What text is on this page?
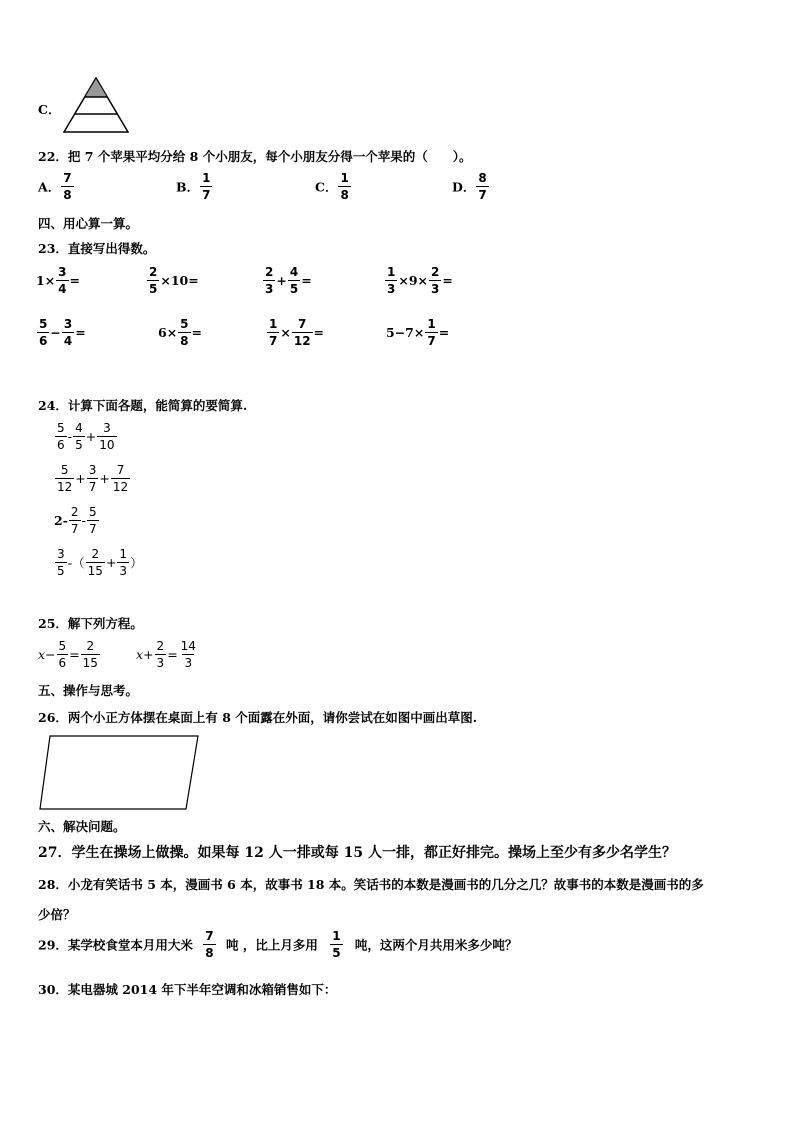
C．
22．把 7 个苹果平均分给 8 个小朋友，每个小朋友分得一个苹果的（　　）。
A． $\frac{7}{8}$	B． $\frac{1}{7}$	C． $\frac{1}{8}$	D． $\frac{8}{7}$
四、用心算一算。
23．直接写出得数。
$1\times \frac{3}{4}$ =	$\frac{2}{5} \times 10=$	$\frac{2}{3} + \frac{4}{5}$ =	$\frac{1}{3} \times 9\times \frac{2}{3}$ =
$\frac{5}{6} - \frac{3}{4}$ =	$6\times \frac{5}{8}$ =	$\frac{1}{7} \times \frac{7}{12}$ =	$5-7\times \frac{1}{7}$ =
24．计算下面各题，能简算的要简算.
$\frac{5}{6} - \frac{4}{5} + \frac{3}{10}$
$\frac{5}{12} + \frac{3}{7} + \frac{7}{12}$
$2- \frac{2}{7} - \frac{5}{7}$
$\frac{3}{5}$ -（ $\frac{2}{15} + \frac{1}{3}$ ）
25．解下列方程。
$x- \frac{5}{6} = \frac{2}{15}$	$x+ \frac{2}{3} = \frac{14}{3}$
五、操作与思考。
26．两个小正方体摆在桌面上有 8 个面露在外面，请你尝试在如图中画出草图.
六、解决问题。
27．学生在操场上做操。如果每 12 人一排或每 15 人一排，都正好排完。操场上至少有多少名学生？
28．小龙有笑话书 5 本，漫画书 6 本，故事书 18 本。笑话书的本数是漫画书的几分之几？故事书的本数是漫画书的多
少倍？
29．某学校食堂本月用大米 $\frac{7}{8}$ 吨 ，比上月多用 $\frac{1}{5}$ 吨，这两个月共用米多少吨？
30．某电器城 2014 年下半年空调和冰箱销售如下：
